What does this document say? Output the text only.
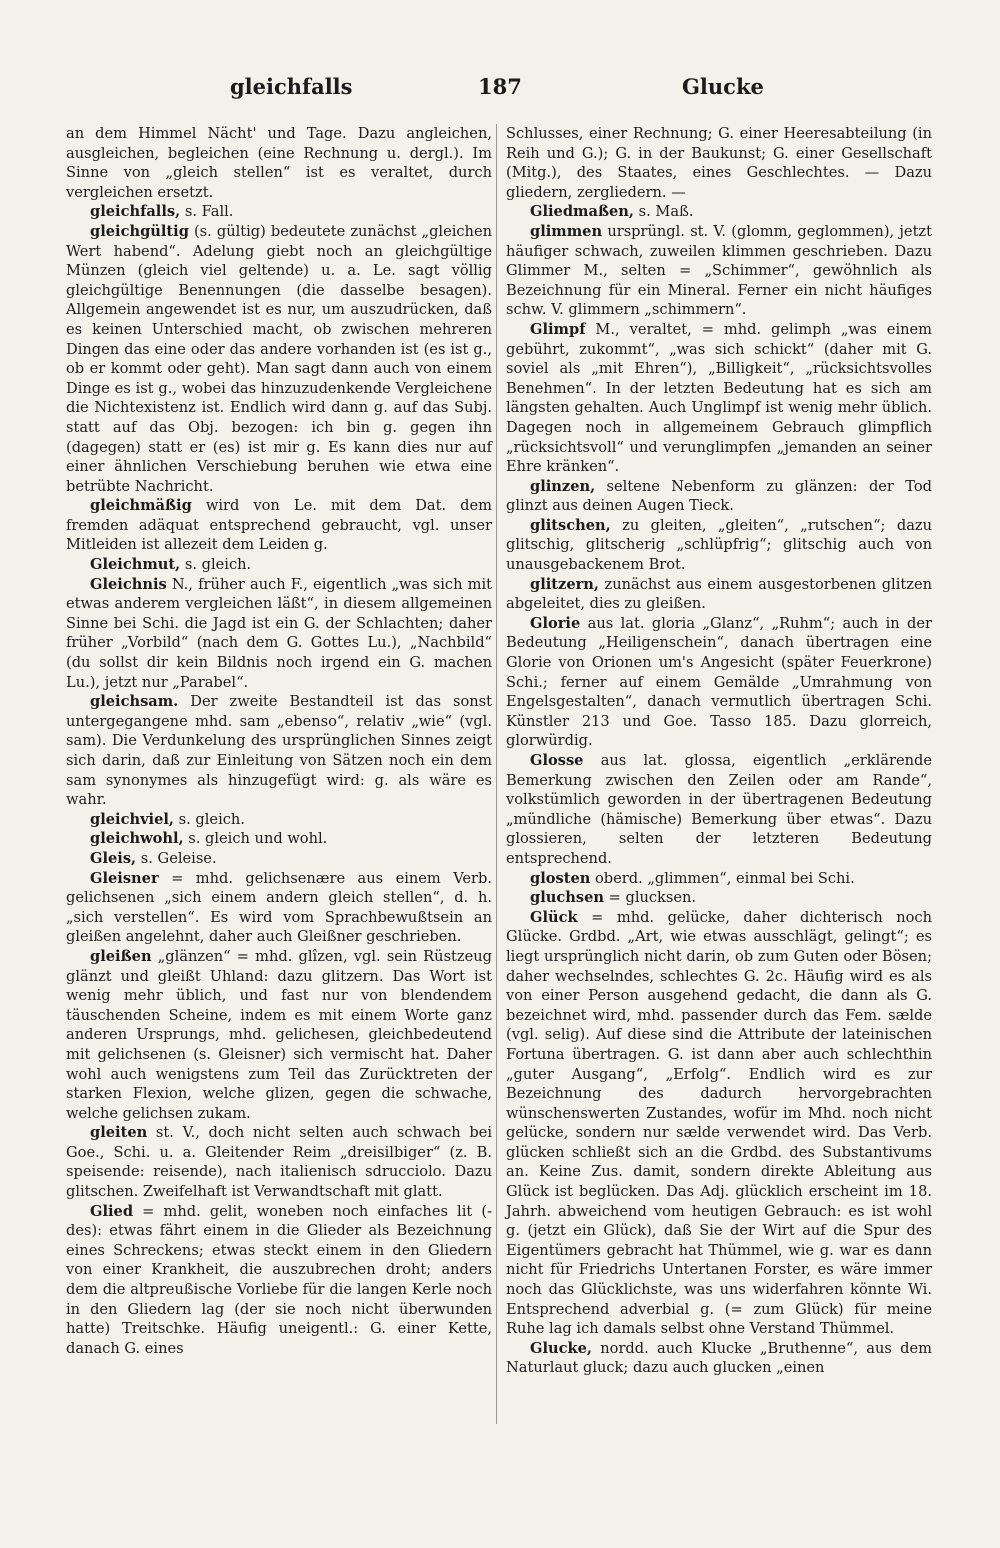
gleichfalls	187	Glucke

an dem Himmel Nächt' und Tage. Dazu angleichen, ausgleichen, begleichen (eine Rechnung u. dergl.). Im Sinne von „gleich stellen“ ist es veraltet, durch vergleichen ersetzt.

gleichfalls, s. Fall.

gleichgültig (s. gültig) bedeutete zunächst „gleichen Wert habend“. Adelung giebt noch an gleichgültige Münzen (gleich viel geltende) u. a. Le. sagt völlig gleichgültige Benennungen (die dasselbe besagen). Allgemein angewendet ist es nur, um auszudrücken, daß es keinen Unterschied macht, ob zwischen mehreren Dingen das eine oder das andere vorhanden ist (es ist g., ob er kommt oder geht). Man sagt dann auch von einem Dinge es ist g., wobei das hinzuzudenkende Vergleichene die Nichtexistenz ist. Endlich wird dann g. auf das Subj. statt auf das Obj. bezogen: ich bin g. gegen ihn (dagegen) statt er (es) ist mir g. Es kann dies nur auf einer ähnlichen Verschiebung beruhen wie etwa eine betrübte Nachricht.

gleichmäßig wird von Le. mit dem Dat. dem fremden adäquat entsprechend gebraucht, vgl. unser Mitleiden ist allezeit dem Leiden g.

Gleichmut, s. gleich.

Gleichnis N., früher auch F., eigentlich „was sich mit etwas anderem vergleichen läßt“, in diesem allgemeinen Sinne bei Schi. die Jagd ist ein G. der Schlachten; daher früher „Vorbild“ (nach dem G. Gottes Lu.), „Nachbild“ (du sollst dir kein Bildnis noch irgend ein G. machen Lu.), jetzt nur „Parabel“.

gleichsam. Der zweite Bestandteil ist das sonst untergegangene mhd. sam „ebenso“, relativ „wie“ (vgl. sam). Die Verdunkelung des ursprünglichen Sinnes zeigt sich darin, daß zur Einleitung von Sätzen noch ein dem sam synonymes als hinzugefügt wird: g. als wäre es wahr.

gleichviel, s. gleich.

gleichwohl, s. gleich und wohl.

Gleis, s. Geleise.

Gleisner = mhd. gelichsenære aus einem Verb. gelichsenen „sich einem andern gleich stellen“, d. h. „sich verstellen“. Es wird vom Sprachbewußtsein an gleißen angelehnt, daher auch Gleißner geschrieben.

gleißen „glänzen“ = mhd. glîzen, vgl. sein Rüstzeug glänzt und gleißt Uhland: dazu glitzern. Das Wort ist wenig mehr üblich, und fast nur von blendendem täuschenden Scheine, indem es mit einem Worte ganz anderen Ursprungs, mhd. gelichesen, gleichbedeutend mit gelichsenen (s. Gleisner) sich vermischt hat. Daher wohl auch wenigstens zum Teil das Zurücktreten der starken Flexion, welche glizen, gegen die schwache, welche gelichsen zukam.

gleiten st. V., doch nicht selten auch schwach bei Goe., Schi. u. a. Gleitender Reim „dreisilbiger“ (z. B. speisende: reisende), nach italienisch sdrucciolo. Dazu glitschen. Zweifelhaft ist Verwandtschaft mit glatt.

Glied = mhd. gelit, woneben noch einfaches lit (-des): etwas fährt einem in die Glieder als Bezeichnung eines Schreckens; etwas steckt einem in den Gliedern von einer Krankheit, die auszubrechen droht; anders dem die altpreußische Vorliebe für die langen Kerle noch in den Gliedern lag (der sie noch nicht überwunden hatte) Treitschke. Häufig uneigentl.: G. einer Kette, danach G. eines

Schlusses, einer Rechnung; G. einer Heeresabteilung (in Reih und G.); G. in der Baukunst; G. einer Gesellschaft (Mitg.), des Staates, eines Geschlechtes. — Dazu gliedern, zergliedern. —

Gliedmaßen, s. Maß.

glimmen ursprüngl. st. V. (glomm, geglommen), jetzt häufiger schwach, zuweilen klimmen geschrieben. Dazu Glimmer M., selten = „Schimmer“, gewöhnlich als Bezeichnung für ein Mineral. Ferner ein nicht häufiges schw. V. glimmern „schimmern“.

Glimpf M., veraltet, = mhd. gelimph „was einem gebührt, zukommt“, „was sich schickt“ (daher mit G. soviel als „mit Ehren“), „Billigkeit“, „rücksichtsvolles Benehmen“. In der letzten Bedeutung hat es sich am längsten gehalten. Auch Unglimpf ist wenig mehr üblich. Dagegen noch in allgemeinem Gebrauch glimpflich „rücksichtsvoll“ und verunglimpfen „jemanden an seiner Ehre kränken“.

glinzen, seltene Nebenform zu glänzen: der Tod glinzt aus deinen Augen Tieck.

glitschen, zu gleiten, „gleiten“, „rutschen“; dazu glitschig, glitscherig „schlüpfrig“; glitschig auch von unausgebackenem Brot.

glitzern, zunächst aus einem ausgestorbenen glitzen abgeleitet, dies zu gleißen.

Glorie aus lat. gloria „Glanz“, „Ruhm“; auch in der Bedeutung „Heiligenschein“, danach übertragen eine Glorie von Orionen um's Angesicht (später Feuerkrone) Schi.; ferner auf einem Gemälde „Umrahmung von Engelsgestalten“, danach vermutlich übertragen Schi. Künstler 213 und Goe. Tasso 185. Dazu glorreich, glorwürdig.

Glosse aus lat. glossa, eigentlich „erklärende Bemerkung zwischen den Zeilen oder am Rande“, volkstümlich geworden in der übertragenen Bedeutung „mündliche (hämische) Bemerkung über etwas“. Dazu glossieren, selten der letzteren Bedeutung entsprechend.

glosten oberd. „glimmen“, einmal bei Schi.

gluchsen = glucksen.

Glück = mhd. gelücke, daher dichterisch noch Glücke. Grdbd. „Art, wie etwas ausschlägt, gelingt“; es liegt ursprünglich nicht darin, ob zum Guten oder Bösen; daher wechselndes, schlechtes G. 2c. Häufig wird es als von einer Person ausgehend gedacht, die dann als G. bezeichnet wird, mhd. passender durch das Fem. sælde (vgl. selig). Auf diese sind die Attribute der lateinischen Fortuna übertragen. G. ist dann aber auch schlechthin „guter Ausgang“, „Erfolg“. Endlich wird es zur Bezeichnung des dadurch hervorgebrachten wünschenswerten Zustandes, wofür im Mhd. noch nicht gelücke, sondern nur sælde verwendet wird. Das Verb. glücken schließt sich an die Grdbd. des Substantivums an. Keine Zus. damit, sondern direkte Ableitung aus Glück ist beglücken. Das Adj. glücklich erscheint im 18. Jahrh. abweichend vom heutigen Gebrauch: es ist wohl g. (jetzt ein Glück), daß Sie der Wirt auf die Spur des Eigentümers gebracht hat Thümmel, wie g. war es dann nicht für Friedrichs Untertanen Forster, es wäre immer noch das Glücklichste, was uns widerfahren könnte Wi. Entsprechend adverbial g. (= zum Glück) für meine Ruhe lag ich damals selbst ohne Verstand Thümmel.

Glucke, nordd. auch Klucke „Bruthenne“, aus dem Naturlaut gluck; dazu auch glucken „einen
